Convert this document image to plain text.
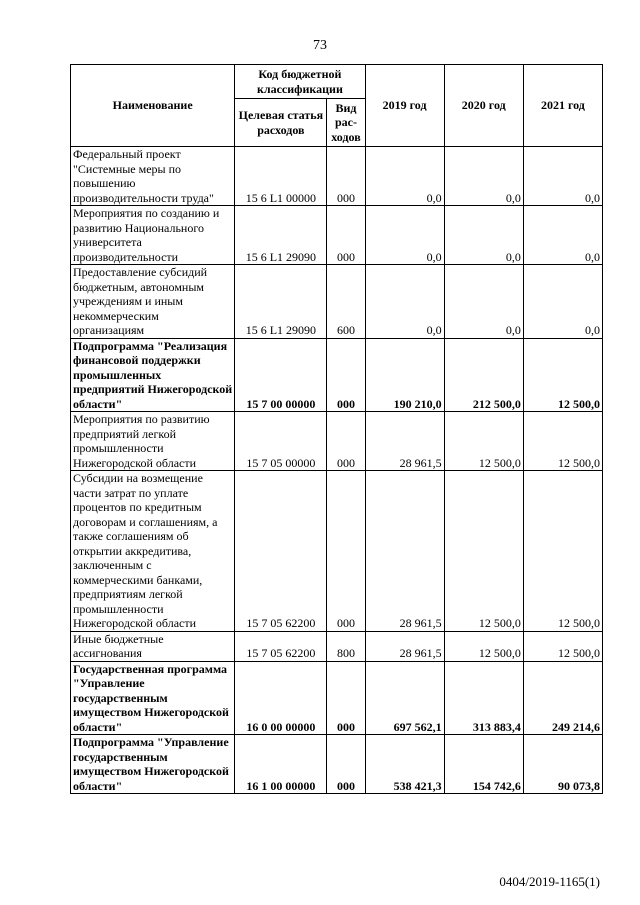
73
Наименование	Код бюджетной классификации		2019 год	2020 год	2021 год
	Целевая статья расходов	Вид рас-ходов			
Федеральный проект "Системные меры по повышению производительности труда"	15 6 L1 00000	000	0,0	0,0	0,0
Мероприятия по созданию и развитию Национального университета производительности	15 6 L1 29090	000	0,0	0,0	0,0
Предоставление субсидий бюджетным, автономным учреждениям и иным некоммерческим организациям	15 6 L1 29090	600	0,0	0,0	0,0
Подпрограмма "Реализация финансовой поддержки промышленных предприятий Нижегородской области"	15 7 00 00000	000	190 210,0	212 500,0	12 500,0
Мероприятия по развитию предприятий легкой промышленности Нижегородской области	15 7 05 00000	000	28 961,5	12 500,0	12 500,0
Субсидии на возмещение части затрат по уплате процентов по кредитным договорам и соглашениям, а также соглашениям об открытии аккредитива, заключенным с коммерческими банками, предприятиям легкой промышленности Нижегородской области	15 7 05 62200	000	28 961,5	12 500,0	12 500,0
Иные бюджетные ассигнования	15 7 05 62200	800	28 961,5	12 500,0	12 500,0
Государственная программа "Управление государственным имуществом Нижегородской области"	16 0 00 00000	000	697 562,1	313 883,4	249 214,6
Подпрограмма "Управление государственным имуществом Нижегородской области"	16 1 00 00000	000	538 421,3	154 742,6	90 073,8
0404/2019-1165(1)
